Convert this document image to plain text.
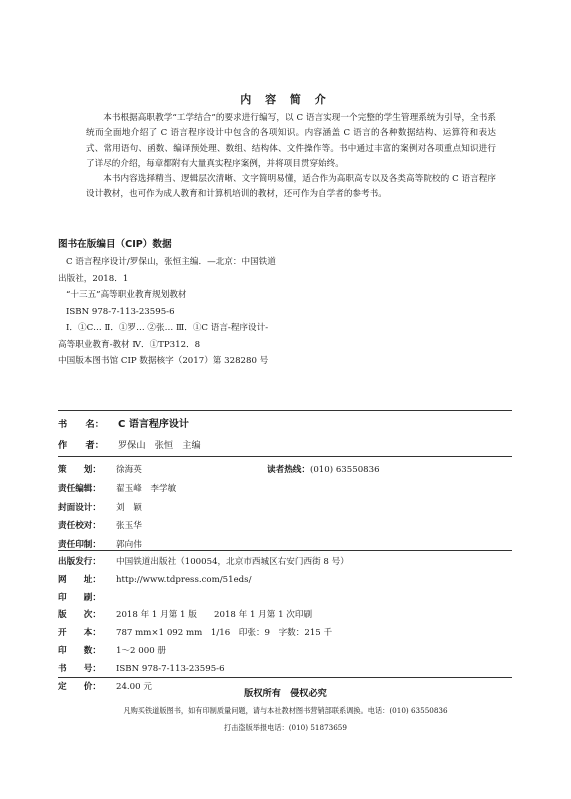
内 容 简 介

本书根据高职教学“工学结合”的要求进行编写，以 C 语言实现一个完整的学生管理系统为引导，全书系统而全面地介绍了 C 语言程序设计中包含的各项知识。内容涵盖 C 语言的各种数据结构、运算符和表达式、常用语句、函数、编译预处理、数组、结构体、文件操作等。书中通过丰富的案例对各项重点知识进行了详尽的介绍，每章都附有大量真实程序案例，并将项目贯穿始终。

本书内容选择精当、逻辑层次清晰、文字简明易懂，适合作为高职高专以及各类高等院校的 C 语言程序设计教材，也可作为成人教育和计算机培训的教材，还可作为自学者的参考书。

图书在版编目（CIP）数据
C 语言程序设计/罗保山，张恒主编．—北京：中国铁道
出版社，2018．1
“十三五”高等职业教育规划教材
ISBN 978-7-113-23595-6
Ⅰ．①C… Ⅱ．①罗… ②张… Ⅲ．①C 语言-程序设计-
高等职业教育-教材 Ⅳ．①TP312．8
中国版本图书馆 CIP 数据核字（2017）第 328280 号
书　　名：	C 语言程序设计
作　　者：	罗保山　张恒　主编
策　　划：	徐海英
责任编辑：	翟玉峰　李学敏
封面设计：	刘　颖
责任校对：	张玉华
责任印制：	郭向伟
读者热线：(010) 63550836
出版发行：	中国铁道出版社（100054，北京市西城区右安门西街 8 号）
网　　址：	http://www.tdpress.com/51eds/
印　　刷：
版　　次：	2018 年 1 月第 1 版　　2018 年 1 月第 1 次印刷
开　　本：	787 mm×1 092 mm　1/16　印张：9　字数：215 千
印　　数：	1～2 000 册
书　　号：	ISBN 978-7-113-23595-6
定　　价：	24.00 元
版权所有　侵权必究
凡购买铁道版图书，如有印制质量问题，请与本社教材图书营销部联系调换。电话：(010) 63550836
打击盗版举报电话：(010) 51873659
